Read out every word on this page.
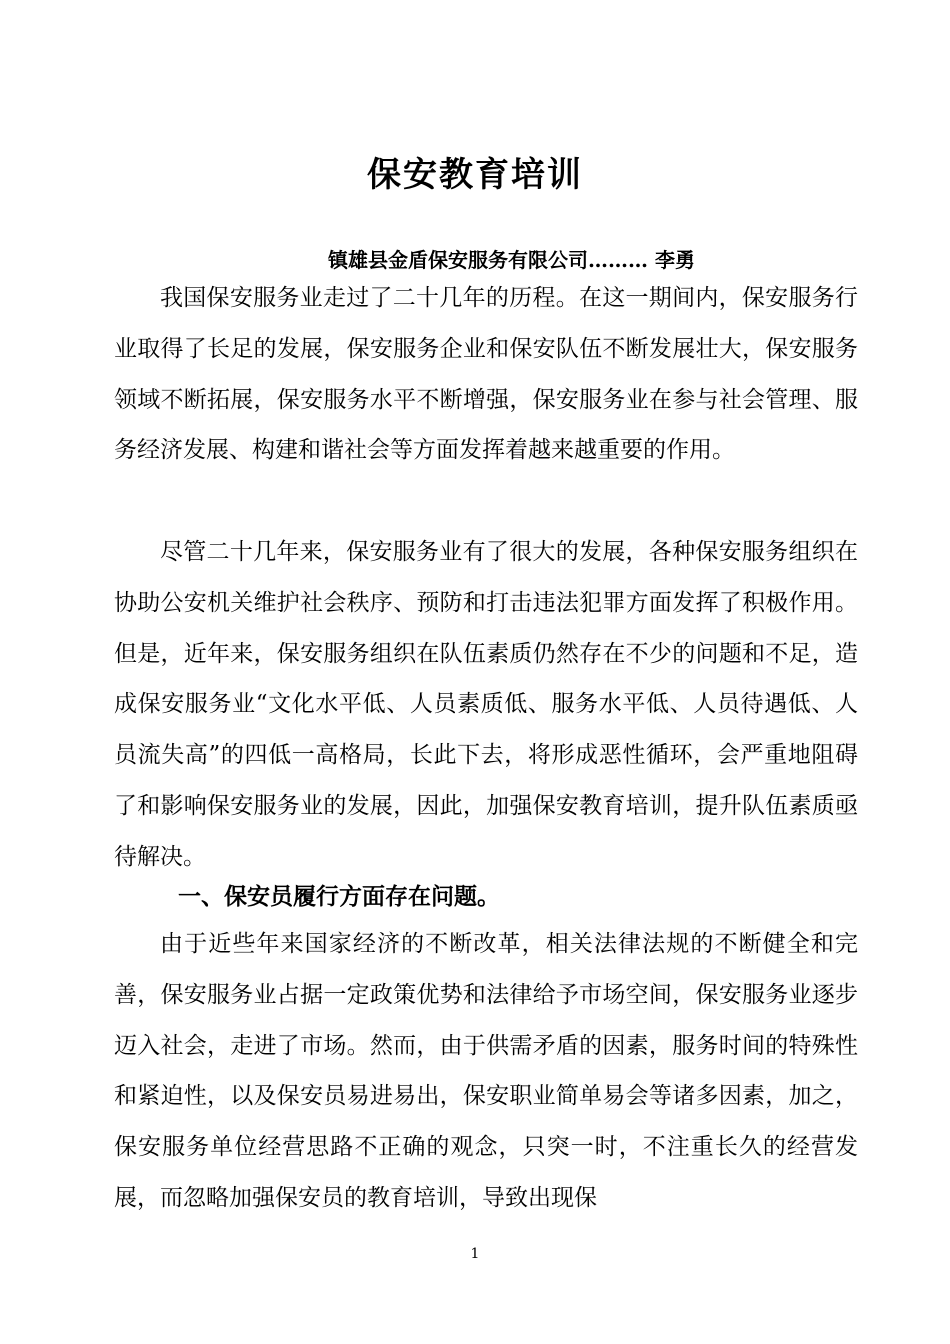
保安教育培训
镇雄县金盾保安服务有限公司……… 李勇

我国保安服务业走过了二十几年的历程。在这一期间内，保安服务行业取得了长足的发展，保安服务企业和保安队伍不断发展壮大，保安服务领域不断拓展，保安服务水平不断增强，保安服务业在参与社会管理、服务经济发展、构建和谐社会等方面发挥着越来越重要的作用。

尽管二十几年来，保安服务业有了很大的发展，各种保安服务组织在协助公安机关维护社会秩序、预防和打击违法犯罪方面发挥了积极作用。但是，近年来，保安服务组织在队伍素质仍然存在不少的问题和不足，造成保安服务业“文化水平低、人员素质低、服务水平低、人员待遇低、人员流失高”的四低一高格局，长此下去，将形成恶性循环，会严重地阻碍了和影响保安服务业的发展，因此，加强保安教育培训，提升队伍素质亟待解决。

一、保安员履行方面存在问题。

由于近些年来国家经济的不断改革，相关法律法规的不断健全和完善，保安服务业占据一定政策优势和法律给予市场空间，保安服务业逐步迈入社会，走进了市场。然而，由于供需矛盾的因素，服务时间的特殊性和紧迫性，以及保安员易进易出，保安职业简单易会等诸多因素，加之，保安服务单位经营思路不正确的观念，只突一时，不注重长久的经营发展，而忽略加强保安员的教育培训，导致出现保

1
